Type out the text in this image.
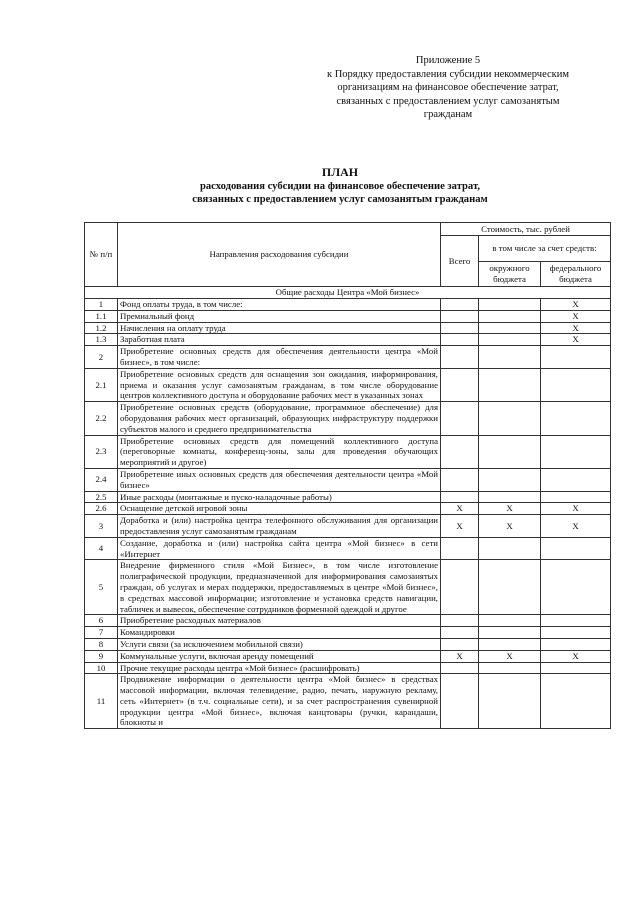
Приложение 5
к Порядку предоставления субсидии некоммерческим
организациям на финансовое обеспечение затрат,
связанных с предоставлением услуг самозанятым
гражданам
ПЛАН
расходования субсидии на финансовое обеспечение затрат,
связанных с предоставлением услуг самозанятым гражданам
№ п/п	Направления расходования субсидии	Стоимость, тыс. рублей		
		Всего	в том числе за счет средств:	
			окружного бюджета	федерального бюджета
Общие расходы Центра «Мой бизнес»				
1	Фонд оплаты труда, в том числе:			X
1.1	Премиальный фонд			X
1.2	Начисления на оплату труда			X
1.3	Заработная плата			X
2	Приобретение основных средств для обеспечения деятельности центра «Мой бизнес», в том числе:			
2.1	Приобретение основных средств для оснащения зон ожидания, информирования, приема и оказания услуг самозанятым гражданам, в том числе оборудование центров коллективного доступа и оборудование рабочих мест в указанных зонах			
2.2	Приобретение основных средств (оборудование, программное обеспечение) для оборудования рабочих мест организаций, образующих инфраструктуру поддержки субъектов малого и среднего предпринимательства			
2.3	Приобретение основных средств для помещений коллективного доступа (переговорные комнаты, конференц-зоны, залы для проведения обучающих мероприятий и другое)			
2.4	Приобретение иных основных средств для обеспечения деятельности центра «Мой бизнес»			
2.5	Иные расходы (монтажные и пуско-наладочные работы)			
2.6	Оснащение детской игровой зоны	X	X	X
3	Доработка и (или) настройка центра телефонного обслуживания для организации предоставления услуг самозанятым гражданам	X	X	X
4	Создание, доработка и (или) настройка сайта центра «Мой бизнес» в сети «Интернет			
5	Внедрение фирменного стиля «Мой Бизнес», в том числе изготовление полиграфической продукции, предназначенной для информирования самозанятых граждан, об услугах и мерах поддержки, предоставляемых в центре «Мой бизнес», в средствах массовой информации; изготовление и установка средств навигации, табличек и вывесок, обеспечение сотрудников форменной одеждой и другое			
6	Приобретение расходных материалов			
7	Командировки			
8	Услуги связи (за исключением мобильной связи)			
9	Коммунальные услуги, включая аренду помещений	X	X	X
10	Прочие текущие расходы центра «Мой бизнес» (расшифровать)			
11	Продвижение информации о деятельности центра «Мой бизнес» в средствах массовой информации, включая телевидение, радио, печать, наружную рекламу, сеть «Интернет» (в т.ч. социальные сети), и за счет распространения сувенирной продукции центра «Мой бизнес», включая канцтовары (ручки, карандаши, блокноты и			
